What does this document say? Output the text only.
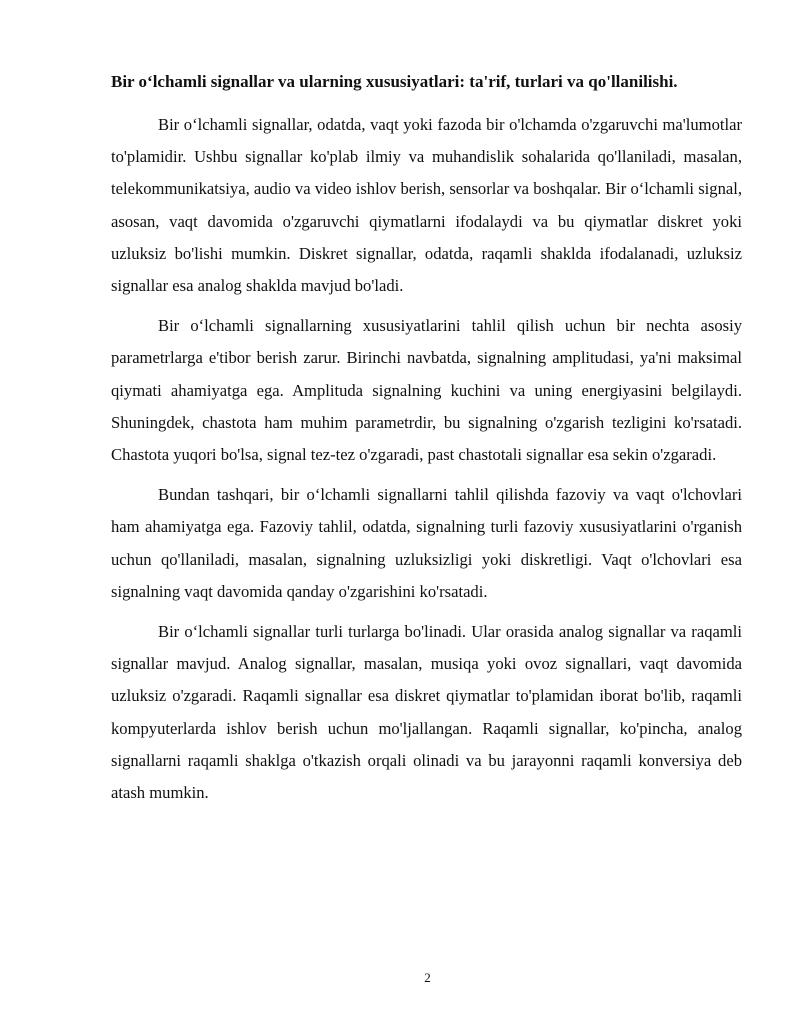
Bir o‘lchamli signallar va ularning xususiyatlari: ta'rif, turlari va qo'llanilishi.

Bir o‘lchamli signallar, odatda, vaqt yoki fazoda bir o'lchamda o'zgaruvchi ma'lumotlar to'plamidir. Ushbu signallar ko'plab ilmiy va muhandislik sohalarida qo'llaniladi, masalan, telekommunikatsiya, audio va video ishlov berish, sensorlar va boshqalar. Bir o‘lchamli signal, asosan, vaqt davomida o'zgaruvchi qiymatlarni ifodalaydi va bu qiymatlar diskret yoki uzluksiz bo'lishi mumkin. Diskret signallar, odatda, raqamli shaklda ifodalanadi, uzluksiz signallar esa analog shaklda mavjud bo'ladi.

Bir o‘lchamli signallarning xususiyatlarini tahlil qilish uchun bir nechta asosiy parametrlarga e'tibor berish zarur. Birinchi navbatda, signalning amplitudasi, ya'ni maksimal qiymati ahamiyatga ega. Amplituda signalning kuchini va uning energiyasini belgilaydi. Shuningdek, chastota ham muhim parametrdir, bu signalning o'zgarish tezligini ko'rsatadi. Chastota yuqori bo'lsa, signal tez-tez o'zgaradi, past chastotali signallar esa sekin o'zgaradi.

Bundan tashqari, bir o‘lchamli signallarni tahlil qilishda fazoviy va vaqt o'lchovlari ham ahamiyatga ega. Fazoviy tahlil, odatda, signalning turli fazoviy xususiyatlarini o'rganish uchun qo'llaniladi, masalan, signalning uzluksizligi yoki diskretligi. Vaqt o'lchovlari esa signalning vaqt davomida qanday o'zgarishini ko'rsatadi.

Bir o‘lchamli signallar turli turlarga bo'linadi. Ular orasida analog signallar va raqamli signallar mavjud. Analog signallar, masalan, musiqa yoki ovoz signallari, vaqt davomida uzluksiz o'zgaradi. Raqamli signallar esa diskret qiymatlar to'plamidan iborat bo'lib, raqamli kompyuterlarda ishlov berish uchun mo'ljallangan. Raqamli signallar, ko'pincha, analog signallarni raqamli shaklga o'tkazish orqali olinadi va bu jarayonni raqamli konversiya deb atash mumkin.

2
